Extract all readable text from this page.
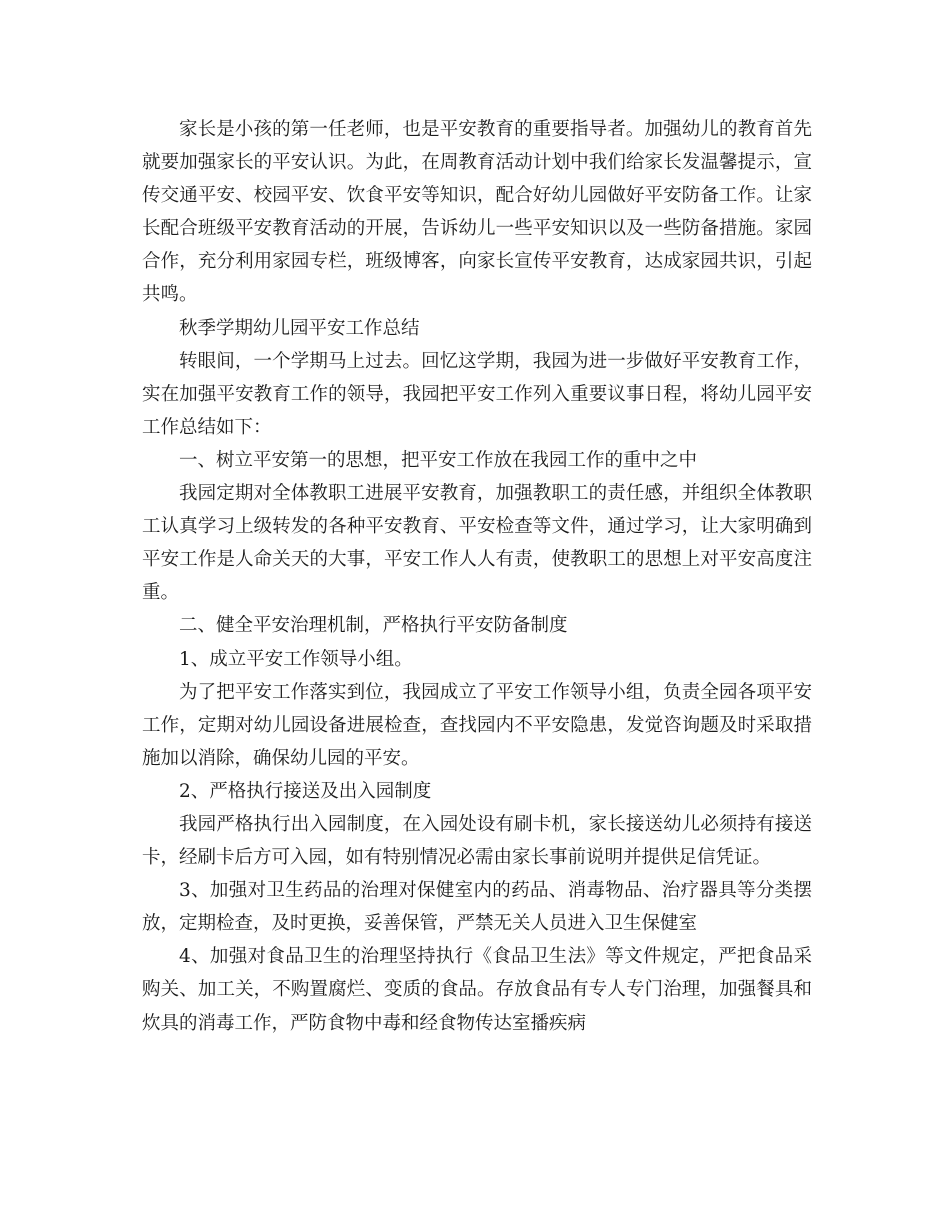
家长是小孩的第一任老师，也是平安教育的重要指导者。加强幼儿的教育首先就要加强家长的平安认识。为此，在周教育活动计划中我们给家长发温馨提示，宣传交通平安、校园平安、饮食平安等知识，配合好幼儿园做好平安防备工作。让家长配合班级平安教育活动的开展，告诉幼儿一些平安知识以及一些防备措施。家园合作，充分利用家园专栏，班级博客，向家长宣传平安教育，达成家园共识，引起共鸣。

秋季学期幼儿园平安工作总结

转眼间，一个学期马上过去。回忆这学期，我园为进一步做好平安教育工作，实在加强平安教育工作的领导，我园把平安工作列入重要议事日程，将幼儿园平安工作总结如下：

一、树立平安第一的思想，把平安工作放在我园工作的重中之中

我园定期对全体教职工进展平安教育，加强教职工的责任感，并组织全体教职工认真学习上级转发的各种平安教育、平安检查等文件，通过学习，让大家明确到平安工作是人命关天的大事，平安工作人人有责，使教职工的思想上对平安高度注重。

二、健全平安治理机制，严格执行平安防备制度

1、成立平安工作领导小组。

为了把平安工作落实到位，我园成立了平安工作领导小组，负责全园各项平安工作，定期对幼儿园设备进展检查，查找园内不平安隐患，发觉咨询题及时采取措施加以消除，确保幼儿园的平安。

2、严格执行接送及出入园制度

我园严格执行出入园制度，在入园处设有刷卡机，家长接送幼儿必须持有接送卡，经刷卡后方可入园，如有特别情况必需由家长事前说明并提供足信凭证。

3、加强对卫生药品的治理对保健室内的药品、消毒物品、治疗器具等分类摆放，定期检查，及时更换，妥善保管，严禁无关人员进入卫生保健室

4、加强对食品卫生的治理坚持执行《食品卫生法》等文件规定，严把食品采购关、加工关，不购置腐烂、变质的食品。存放食品有专人专门治理，加强餐具和炊具的消毒工作，严防食物中毒和经食物传达室播疾病
